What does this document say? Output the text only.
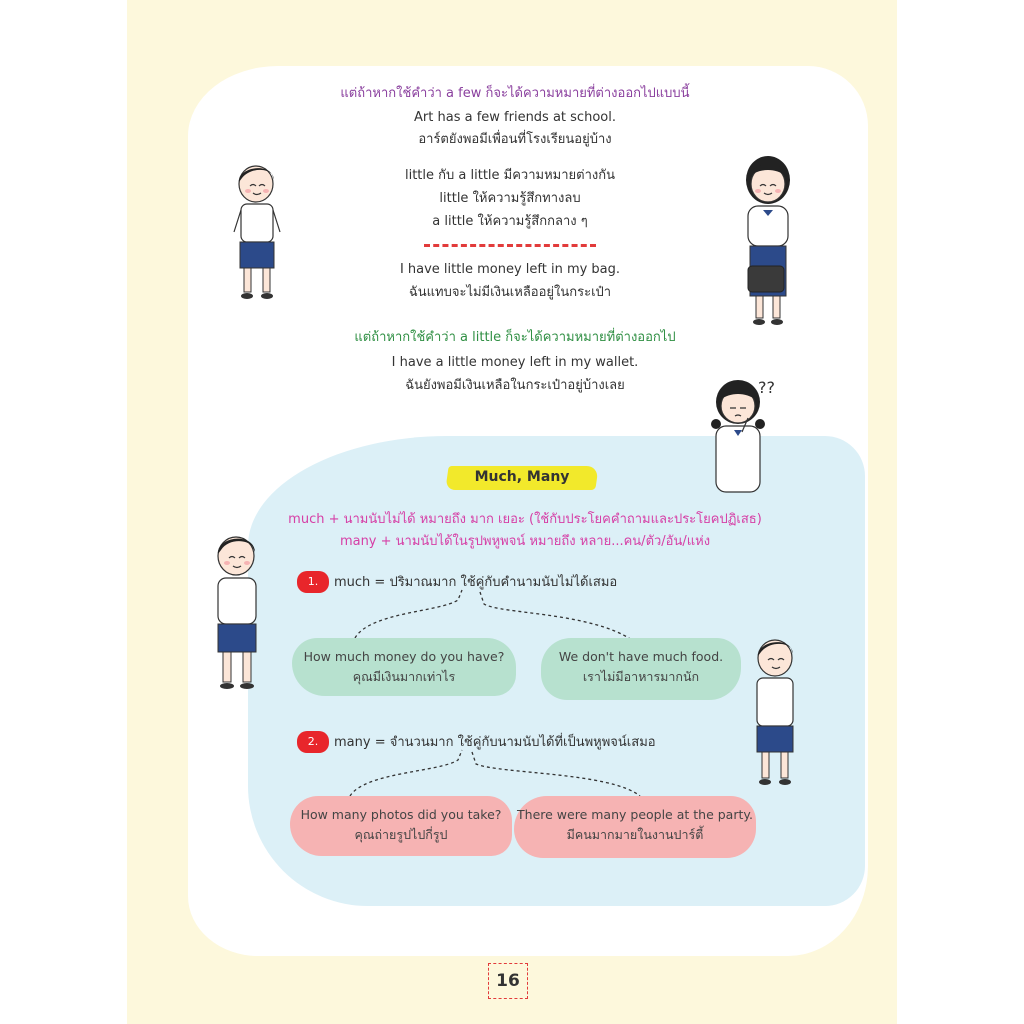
แต่ถ้าหากใช้คำว่า a few ก็จะได้ความหมายที่ต่างออกไปแบบนี้
Art has a few friends at school.
อาร์ตยังพอมีเพื่อนที่โรงเรียนอยู่บ้าง
little กับ a little มีความหมายต่างกัน
little ให้ความรู้สึกทางลบ
a little ให้ความรู้สึกกลาง ๆ
I have little money left in my bag.
ฉันแทบจะไม่มีเงินเหลืออยู่ในกระเป๋า
แต่ถ้าหากใช้คำว่า a little ก็จะได้ความหมายที่ต่างออกไป
I have a little money left in my wallet.
ฉันยังพอมีเงินเหลือในกระเป๋าอยู่บ้างเลย
Much, Many
much + นามนับไม่ได้ หมายถึง มาก เยอะ (ใช้กับประโยคคำถามและประโยคปฏิเสธ)
many + นามนับได้ในรูปพหูพจน์ หมายถึง หลาย...คน/ตัว/อัน/แห่ง
1.	much = ปริมาณมาก ใช้คู่กับคำนามนับไม่ได้เสมอ
How much money do you have?
คุณมีเงินมากเท่าไร
We don't have much food.
เราไม่มีอาหารมากนัก
2.	many = จำนวนมาก ใช้คู่กับนามนับได้ที่เป็นพหูพจน์เสมอ
How many photos did you take?
คุณถ่ายรูปไปกี่รูป
There were many people at the party.
มีคนมากมายในงานปาร์ตี้
??
16
